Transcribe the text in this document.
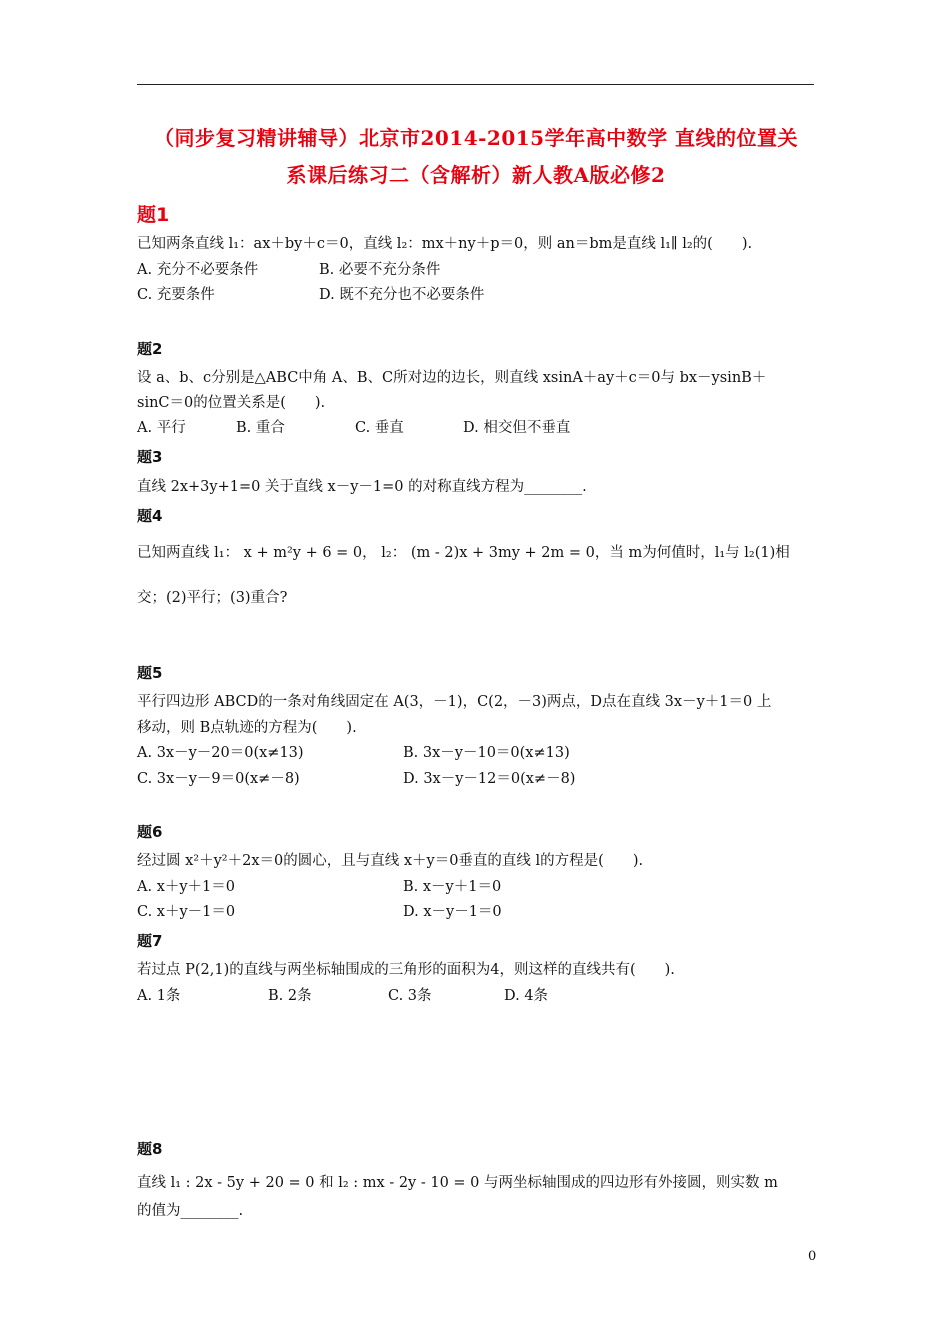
（同步复习精讲辅导）北京市2014-2015学年高中数学 直线的位置关
系课后练习二（含解析）新人教A版必修2
题1
已知两条直线 l₁：ax＋by＋c＝0，直线 l₂：mx＋ny＋p＝0，则 an＝bm是直线 l₁∥ l₂的(　　).
A. 充分不必要条件	B. 必要不充分条件
C. 充要条件	D. 既不充分也不必要条件
题2
设 a、b、c分别是△ABC中角 A、B、C所对边的边长，则直线 xsinA＋ay＋c＝0与 bx－ysinB＋
sinC＝0的位置关系是(　　).
A. 平行	B. 重合	C. 垂直	D. 相交但不垂直
题3
直线 2x+3y+1=0 关于直线 x－y－1=0 的对称直线方程为________.
题4
已知两直线 l₁： x + m²y + 6 = 0， l₂： (m - 2)x + 3my + 2m = 0，当 m为何值时，l₁与 l₂(1)相
交；(2)平行；(3)重合?
题5
平行四边形 ABCD的一条对角线固定在 A(3，－1)，C(2，－3)两点，D点在直线 3x－y＋1＝0 上
移动，则 B点轨迹的方程为(　　).
A. 3x－y－20＝0(x≠13)	B. 3x－y－10＝0(x≠13)
C. 3x－y－9＝0(x≠－8)	D. 3x－y－12＝0(x≠－8)
题6
经过圆 x²＋y²＋2x＝0的圆心，且与直线 x＋y＝0垂直的直线 l的方程是(　　).
A. x＋y＋1＝0	B. x－y＋1＝0
C. x＋y－1＝0	D. x－y－1＝0
题7
若过点 P(2,1)的直线与两坐标轴围成的三角形的面积为4，则这样的直线共有(　　).
A. 1条	B. 2条	C. 3条	D. 4条
题8
直线 l₁ : 2x - 5y + 20 = 0 和 l₂ : mx - 2y - 10 = 0 与两坐标轴围成的四边形有外接圆，则实数 m
的值为________.
0
